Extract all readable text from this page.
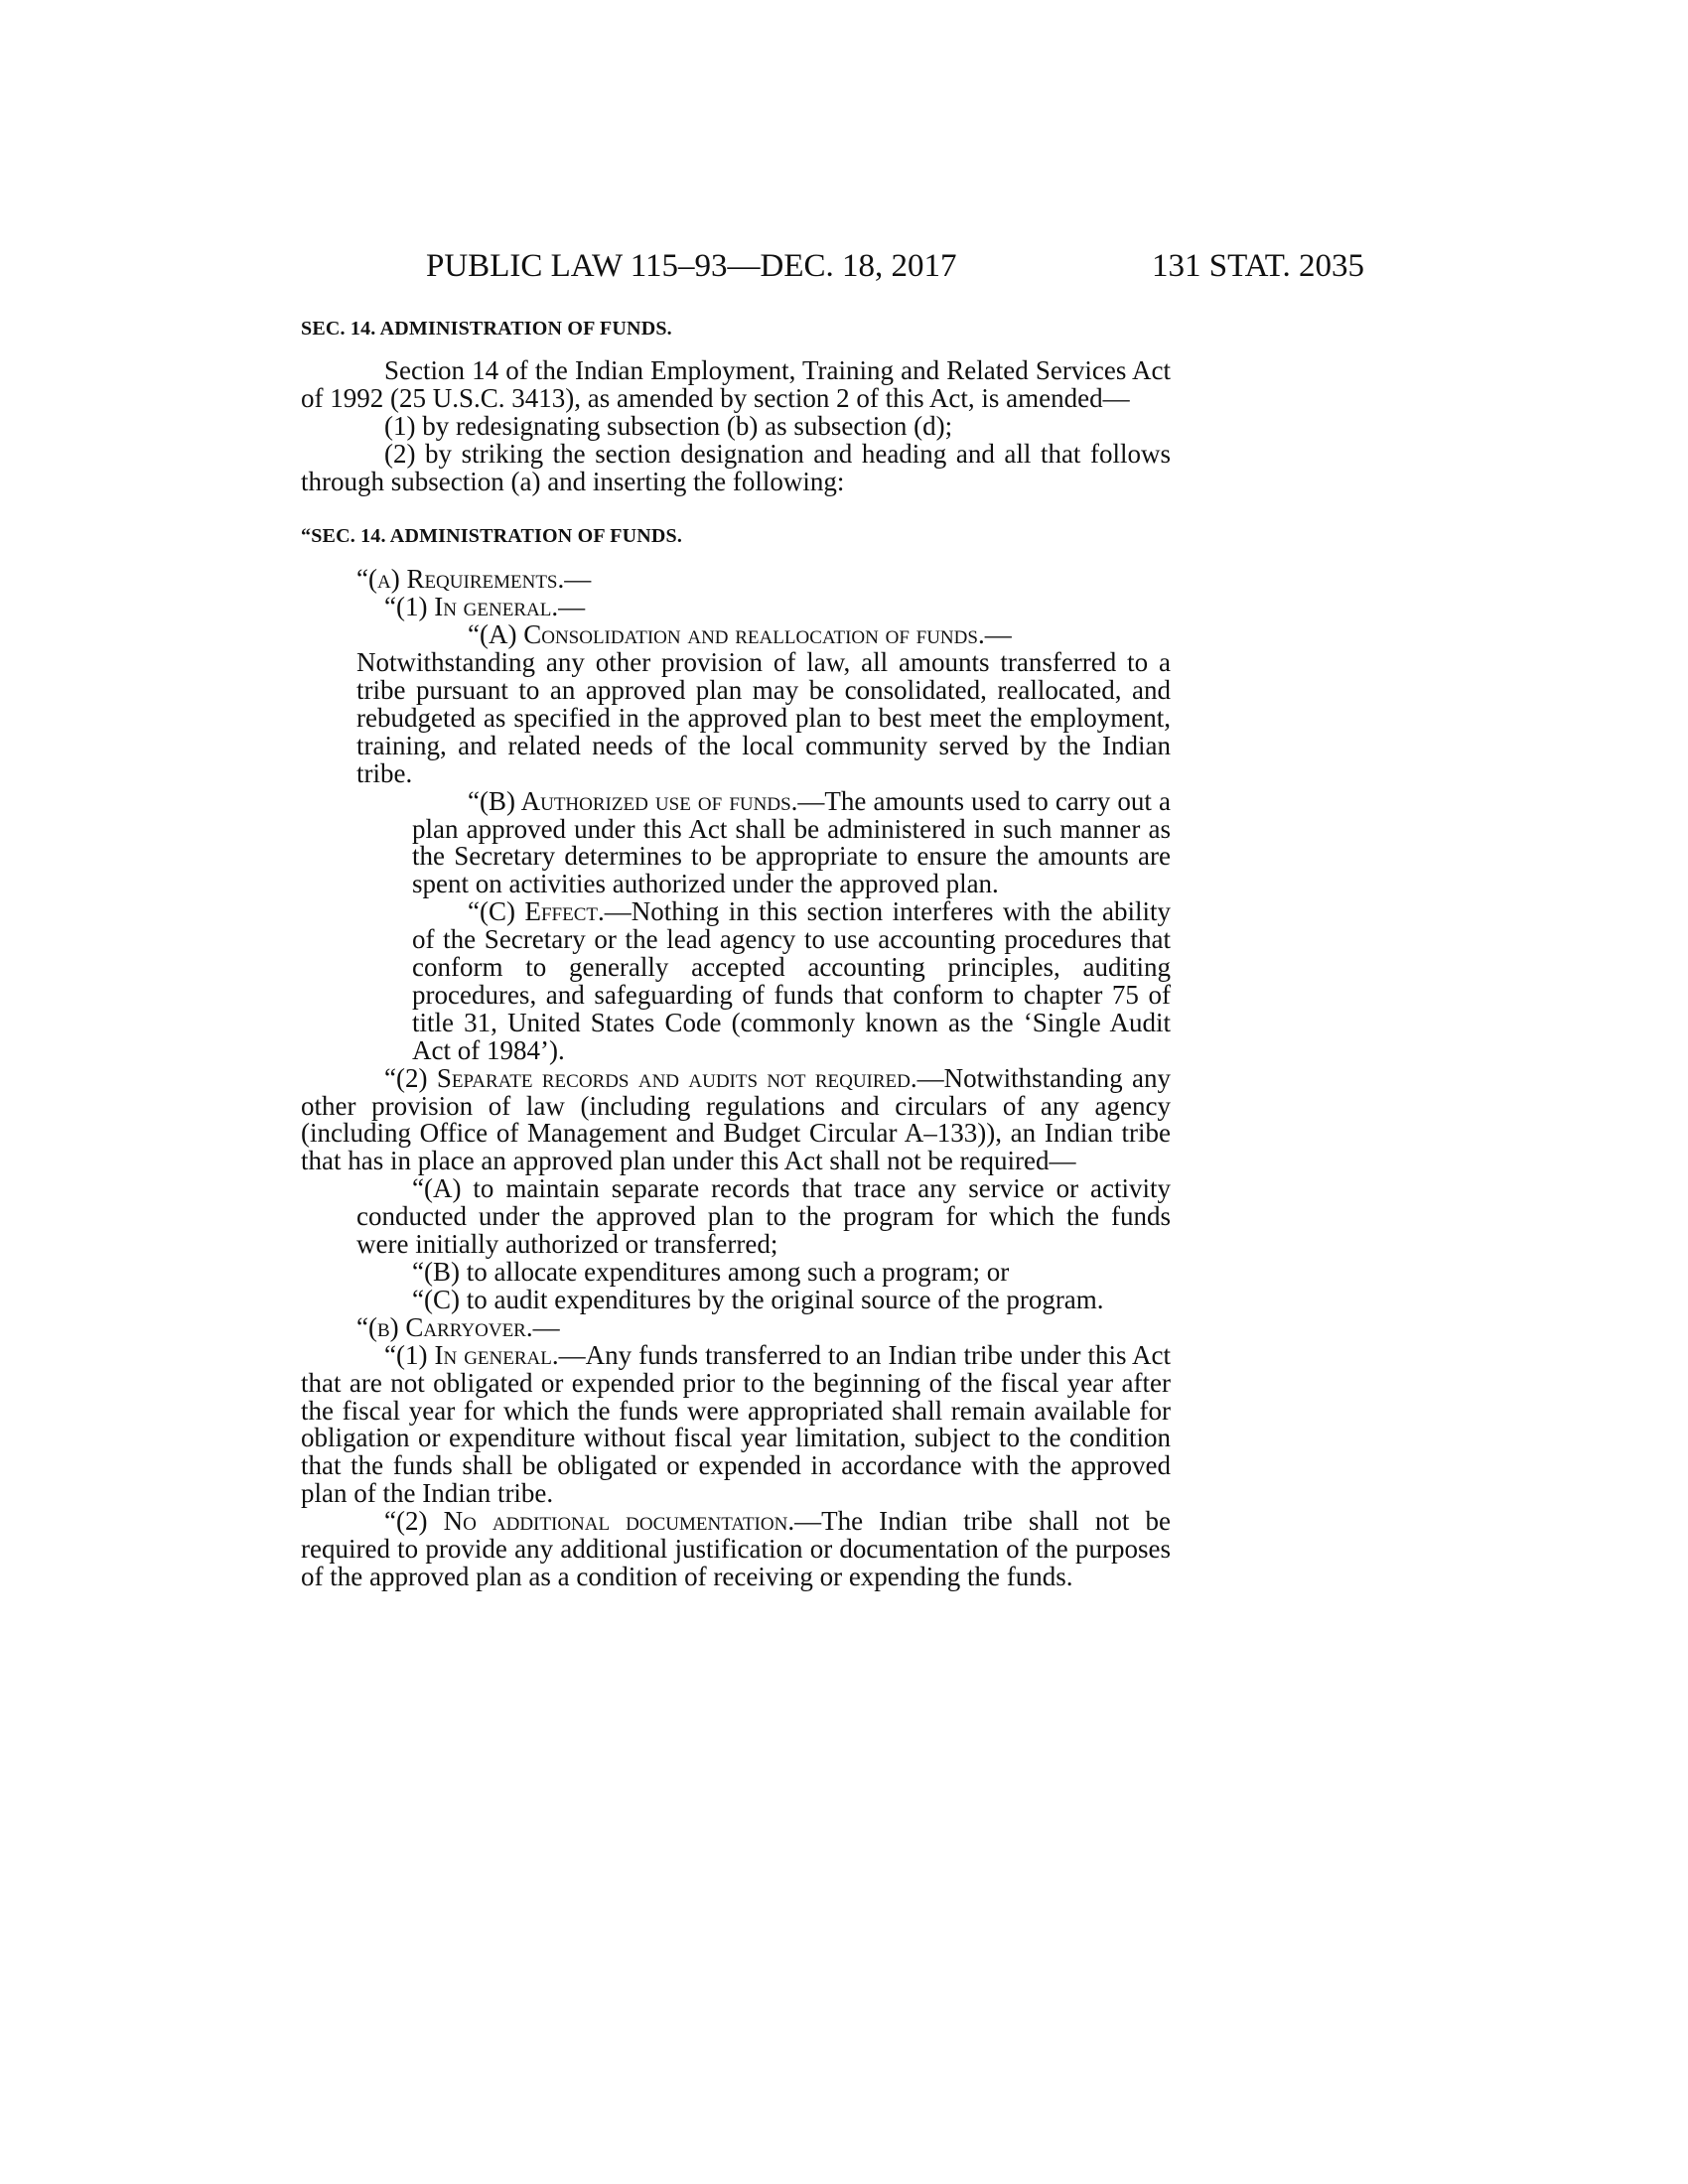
PUBLIC LAW 115–93—DEC. 18, 2017	131 STAT. 2035
SEC. 14. ADMINISTRATION OF FUNDS.

Section 14 of the Indian Employment, Training and Related Services Act of 1992 (25 U.S.C. 3413), as amended by section 2 of this Act, is amended—

(1) by redesignating subsection (b) as subsection (d);

(2) by striking the section designation and heading and all that follows through subsection (a) and inserting the following:

“SEC. 14. ADMINISTRATION OF FUNDS.

“(a) Requirements.—

“(1) In general.—

“(A) Consolidation and reallocation of funds.—
Notwithstanding any other provision of law, all amounts transferred to a tribe pursuant to an approved plan may be consolidated, reallocated, and rebudgeted as specified in the approved plan to best meet the employment, training, and related needs of the local community served by the Indian tribe.

“(B) Authorized use of funds.—The amounts used to carry out a plan approved under this Act shall be administered in such manner as the Secretary determines to be appropriate to ensure the amounts are spent on activities authorized under the approved plan.

“(C) Effect.—Nothing in this section interferes with the ability of the Secretary or the lead agency to use accounting procedures that conform to generally accepted accounting principles, auditing procedures, and safeguarding of funds that conform to chapter 75 of title 31, United States Code (commonly known as the ‘Single Audit Act of 1984’).

“(2) Separate records and audits not required.—Notwithstanding any other provision of law (including regulations and circulars of any agency (including Office of Management and Budget Circular A–133)), an Indian tribe that has in place an approved plan under this Act shall not be required—

“(A) to maintain separate records that trace any service or activity conducted under the approved plan to the program for which the funds were initially authorized or transferred;

“(B) to allocate expenditures among such a program; or

“(C) to audit expenditures by the original source of the program.

“(b) Carryover.—

“(1) In general.—Any funds transferred to an Indian tribe under this Act that are not obligated or expended prior to the beginning of the fiscal year after the fiscal year for which the funds were appropriated shall remain available for obligation or expenditure without fiscal year limitation, subject to the condition that the funds shall be obligated or expended in accordance with the approved plan of the Indian tribe.

“(2) No additional documentation.—The Indian tribe shall not be required to provide any additional justification or documentation of the purposes of the approved plan as a condition of receiving or expending the funds.
